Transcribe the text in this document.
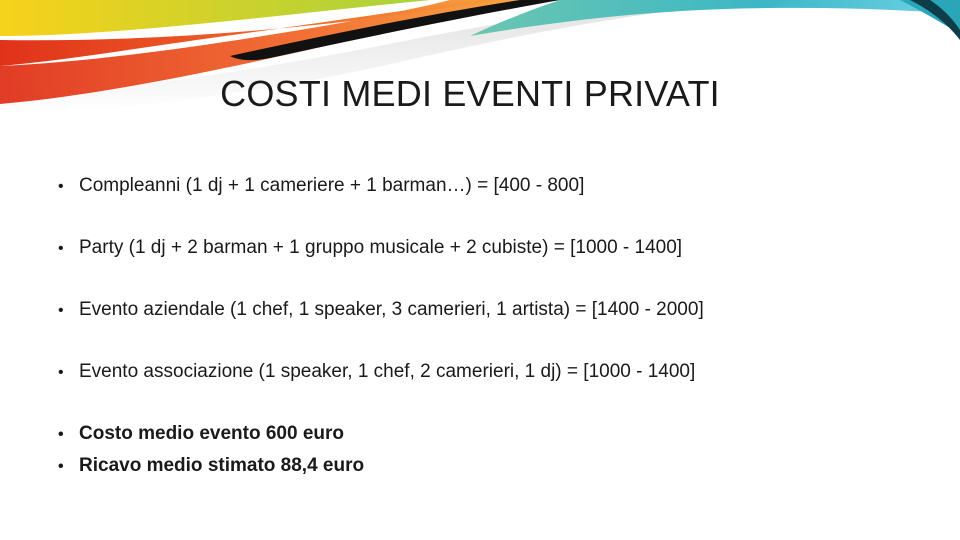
COSTI MEDI EVENTI PRIVATI
• Compleanni (1 dj + 1 cameriere + 1 barman…) = [400 - 800]
• Party (1 dj + 2 barman + 1 gruppo musicale + 2 cubiste) = [1000 - 1400]
• Evento aziendale (1 chef, 1 speaker, 3 camerieri, 1 artista) = [1400 - 2000]
• Evento associazione (1 speaker, 1 chef, 2 camerieri, 1 dj) = [1000 - 1400]
• Costo medio evento 600 euro
• Ricavo medio stimato 88,4 euro
